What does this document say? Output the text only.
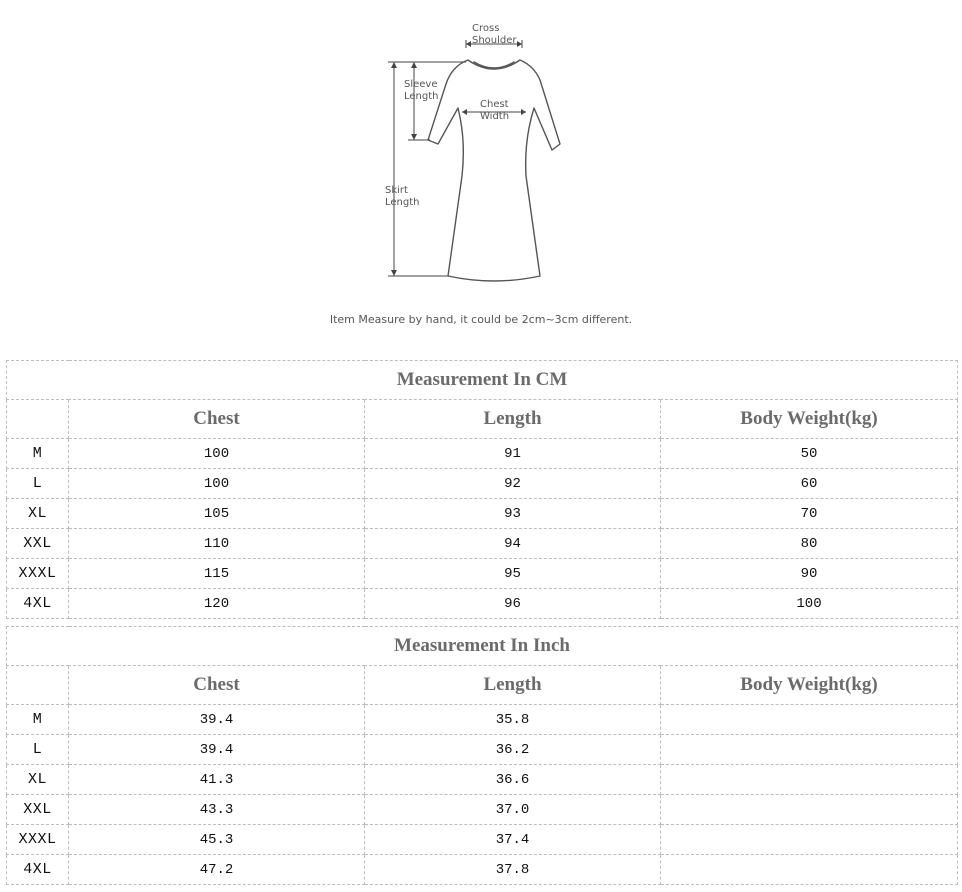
Cross
Shoulder
Sleeve
Length
Chest
Width
Skirt
Length
Item Measure by hand, it could be 2cm~3cm different.
Measurement In CM			
	Chest	Length	Body Weight(kg)
M	100	91	50
L	100	92	60
XL	105	93	70
XXL	110	94	80
XXXL	115	95	90
4XL	120	96	100
Measurement In Inch			
	Chest	Length	Body Weight(kg)
M	39.4	35.8	
L	39.4	36.2	
XL	41.3	36.6	
XXL	43.3	37.0	
XXXL	45.3	37.4	
4XL	47.2	37.8	
